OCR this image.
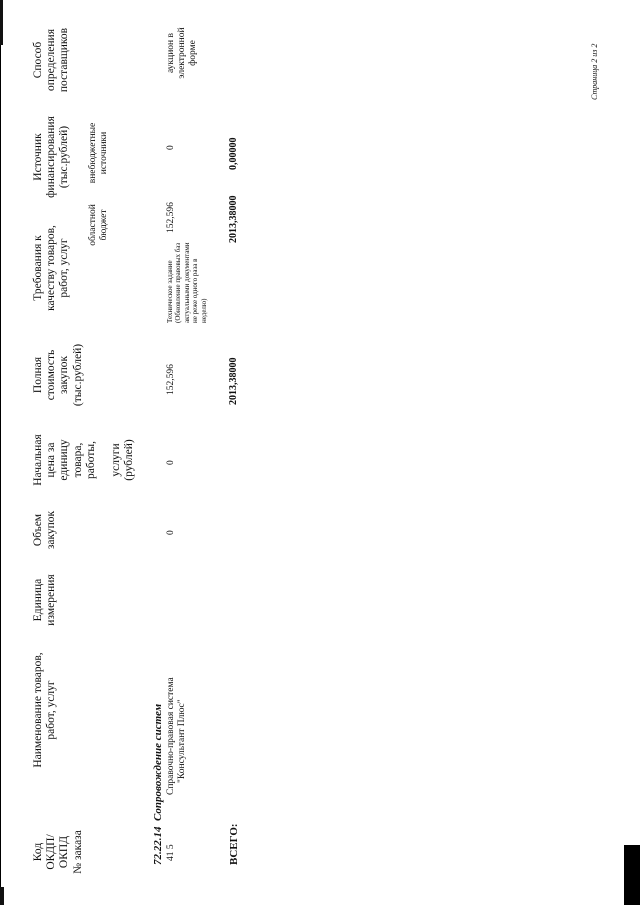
Код ОКДП/ ОКПД № заказа
Наименование товаров, работ, услуг
Единица измерения
Объем закупок
Начальная цена за единицу товара, работы, услуги (рублей)
Полная стоимость закупок (тыс.рублей)
Требования к качеству товаров, работ, услуг
Источник финансирования (тыс.рублей)
областной бюджет
внебюджетные источники
Способ определения поставщиков
72.22.14  Сопровождение систем
41 5
Справочно-правовая система "Консультант Плюс"
0
0
152,596
Техническое задание (Обновление правовых баз актуальными документами не реже одного раза в неделю)
152,596
0
аукцион в электронной форме
ВСЕГО:
2013,38000
2013,38000
0,00000
Страница 2 из 2
